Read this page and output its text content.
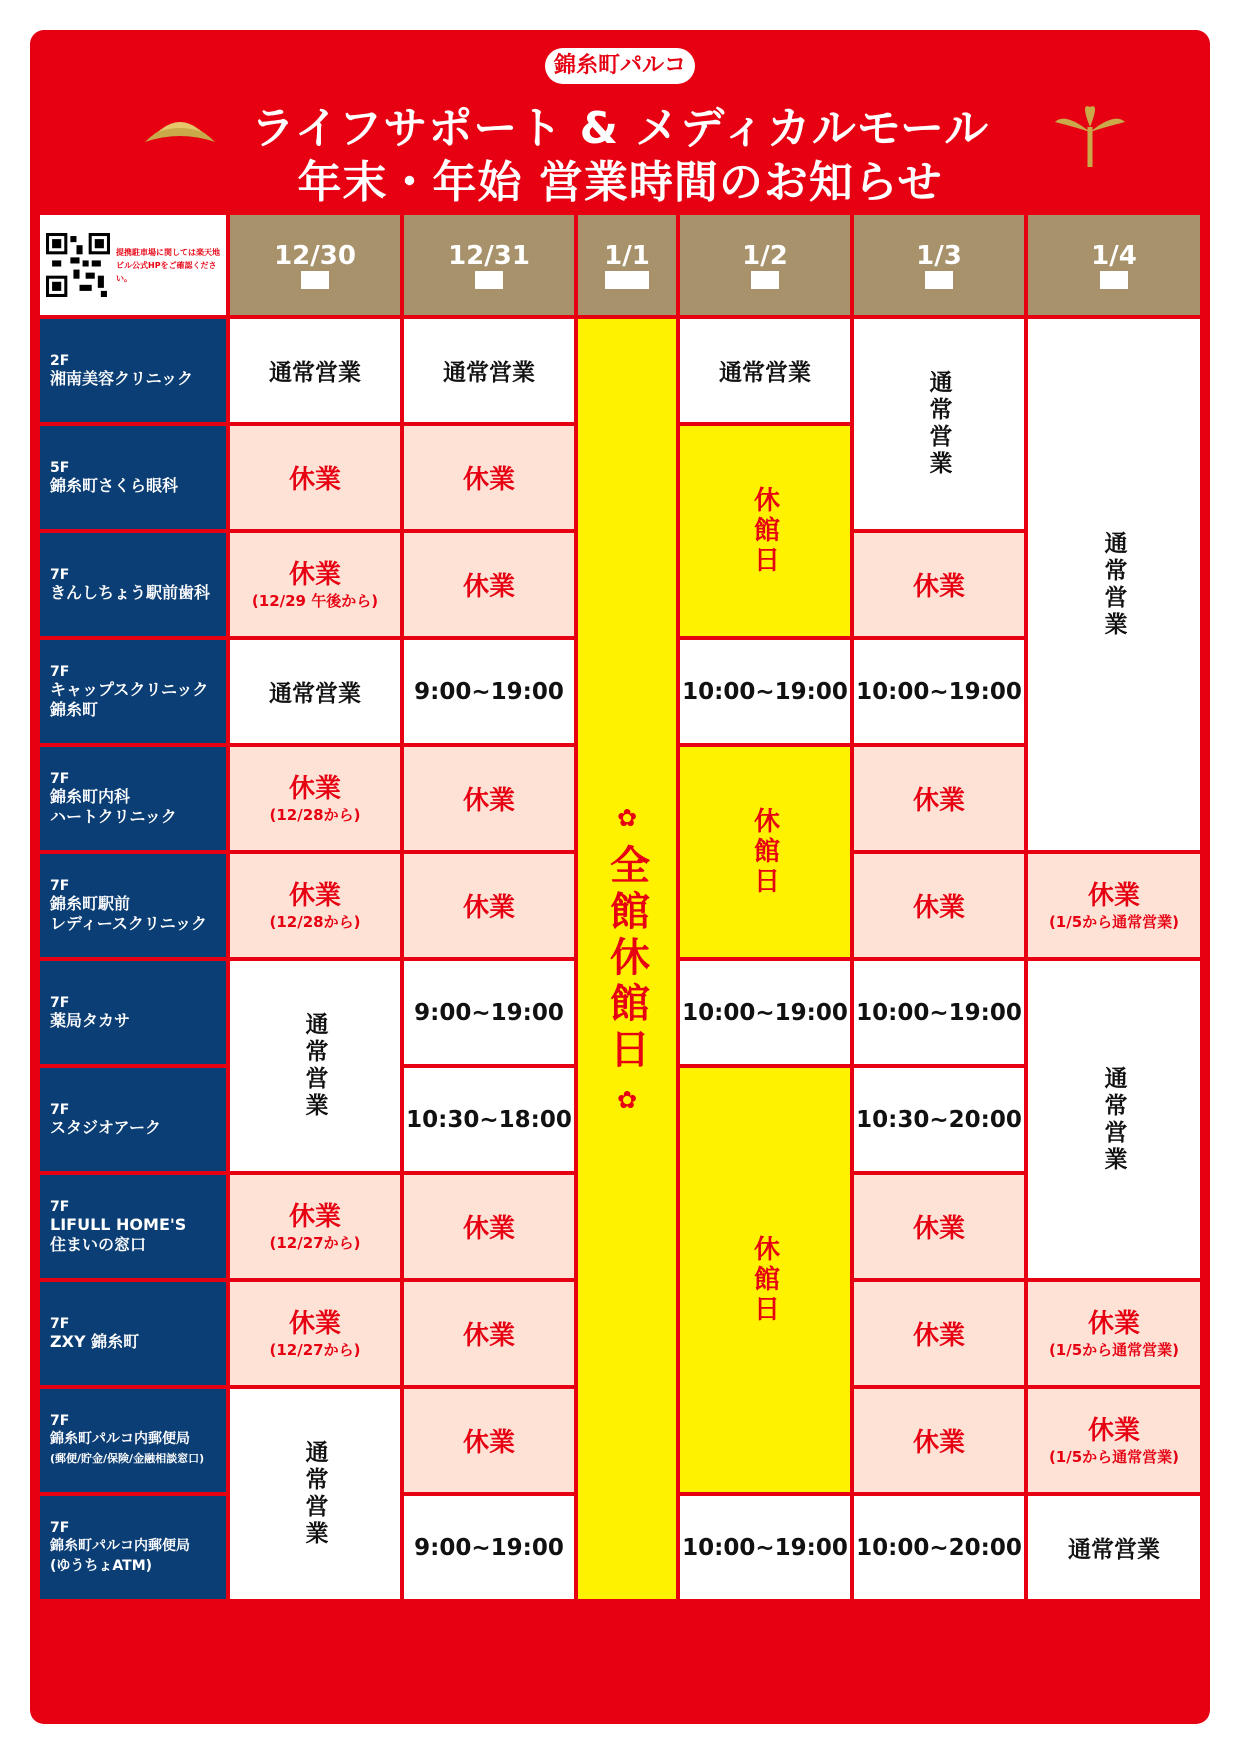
錦糸町パルコ
ライフサポート & メディカルモール
年末・年始 営業時間のお知らせ
提携駐車場に関しては楽天地ビル公式HPをご確認ください。
12/30
(火)
12/31
(水)
1/1
(元日)
1/2
(金)
1/3
(土)
1/4
(日)
2F
湘南美容クリニック
5F
錦糸町さくら眼科
7F
きんしちょう駅前歯科
7F
キャップスクリニック
錦糸町
7F
錦糸町内科
ハートクリニック
7F
錦糸町駅前
レディースクリニック
7F
薬局タカサ
7F
スタジオアーク
7F
LIFULL HOME'S
住まいの窓口
7F
ZXY 錦糸町
7F
錦糸町パルコ内郵便局
(郵便/貯金/保険/金融相談窓口)
7F
錦糸町パルコ内郵便局
(ゆうちょATM)
通常営業
休業
休業
(12/29 午後から)
通常営業
休業
(12/28から)
休業
(12/28から)
通常営業
休業
(12/27から)
休業
(12/27から)
通常営業
通常営業
休業
休業
9:00~19:00
休業
休業
9:00~19:00
10:30~18:00
休業
休業
休業
9:00~19:00
✿
全館休館日
✿
通常営業
休館日
10:00~19:00
休館日
10:00~19:00
休館日
10:00~19:00
通常営業
休業
10:00~19:00
休業
休業
10:00~19:00
10:30~20:00
休業
休業
休業
10:00~20:00
通常営業
休業
(1/5から通常営業)
通常営業
休業
(1/5から通常営業)
休業
(1/5から通常営業)
通常営業
